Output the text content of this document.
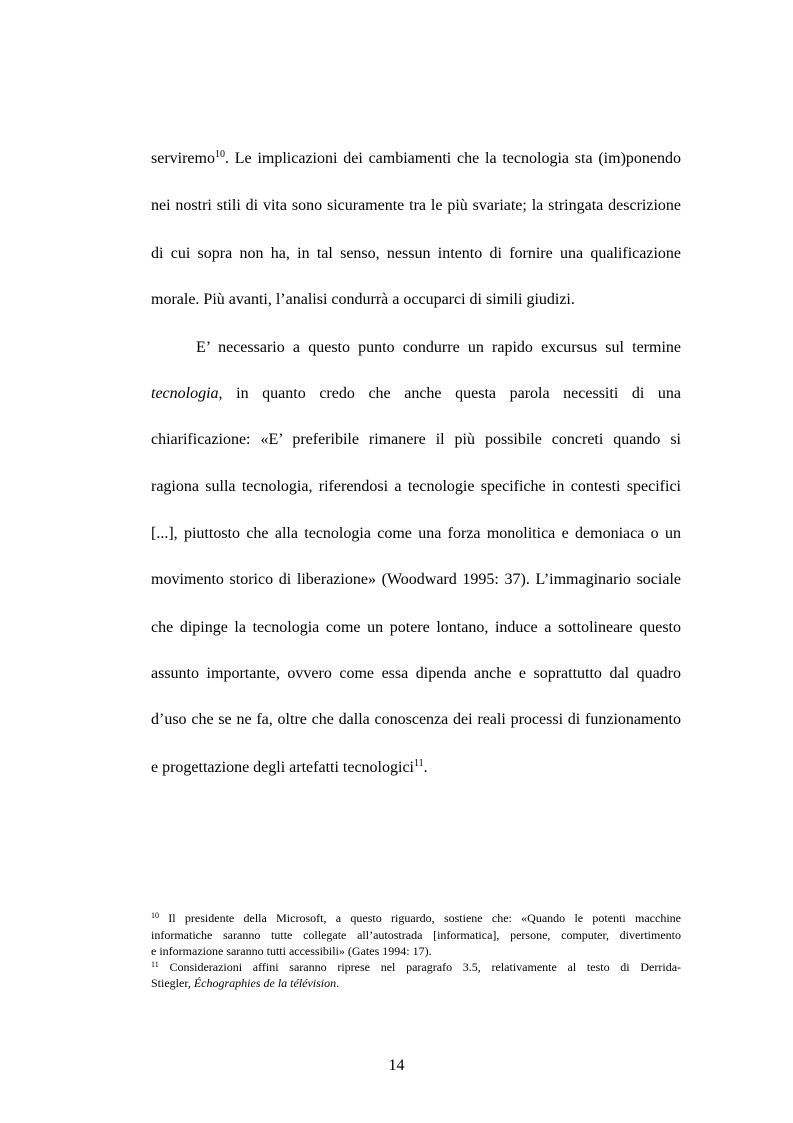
serviremo$^{10}$. Le implicazioni dei cambiamenti che la tecnologia sta (im)ponendo
nei nostri stili di vita sono sicuramente tra le più svariate; la stringata descrizione
di cui sopra non ha, in tal senso, nessun intento di fornire una qualificazione
morale. Più avanti, l’analisi condurrà a occuparci di simili giudizi.
E’ necessario a questo punto condurre un rapido excursus sul termine
tecnologia, in quanto credo che anche questa parola necessiti di una
chiarificazione: «E’ preferibile rimanere il più possibile concreti quando si
ragiona sulla tecnologia, riferendosi a tecnologie specifiche in contesti specifici
[...], piuttosto che alla tecnologia come una forza monolitica e demoniaca o un
movimento storico di liberazione» (Woodward 1995: 37). L’immaginario sociale
che dipinge la tecnologia come un potere lontano, induce a sottolineare questo
assunto importante, ovvero come essa dipenda anche e soprattutto dal quadro
d’uso che se ne fa, oltre che dalla conoscenza dei reali processi di funzionamento
e progettazione degli artefatti tecnologici$^{11}$.
$^{10}$ Il presidente della Microsoft, a questo riguardo, sostiene che: «Quando le potenti macchine
informatiche saranno tutte collegate all’autostrada [informatica], persone, computer, divertimento
e informazione saranno tutti accessibili» (Gates 1994: 17).
$^{11}$ Considerazioni affini saranno riprese nel paragrafo 3.5, relativamente al testo di Derrida-
Stiegler, Échographies de la télévision.
14
